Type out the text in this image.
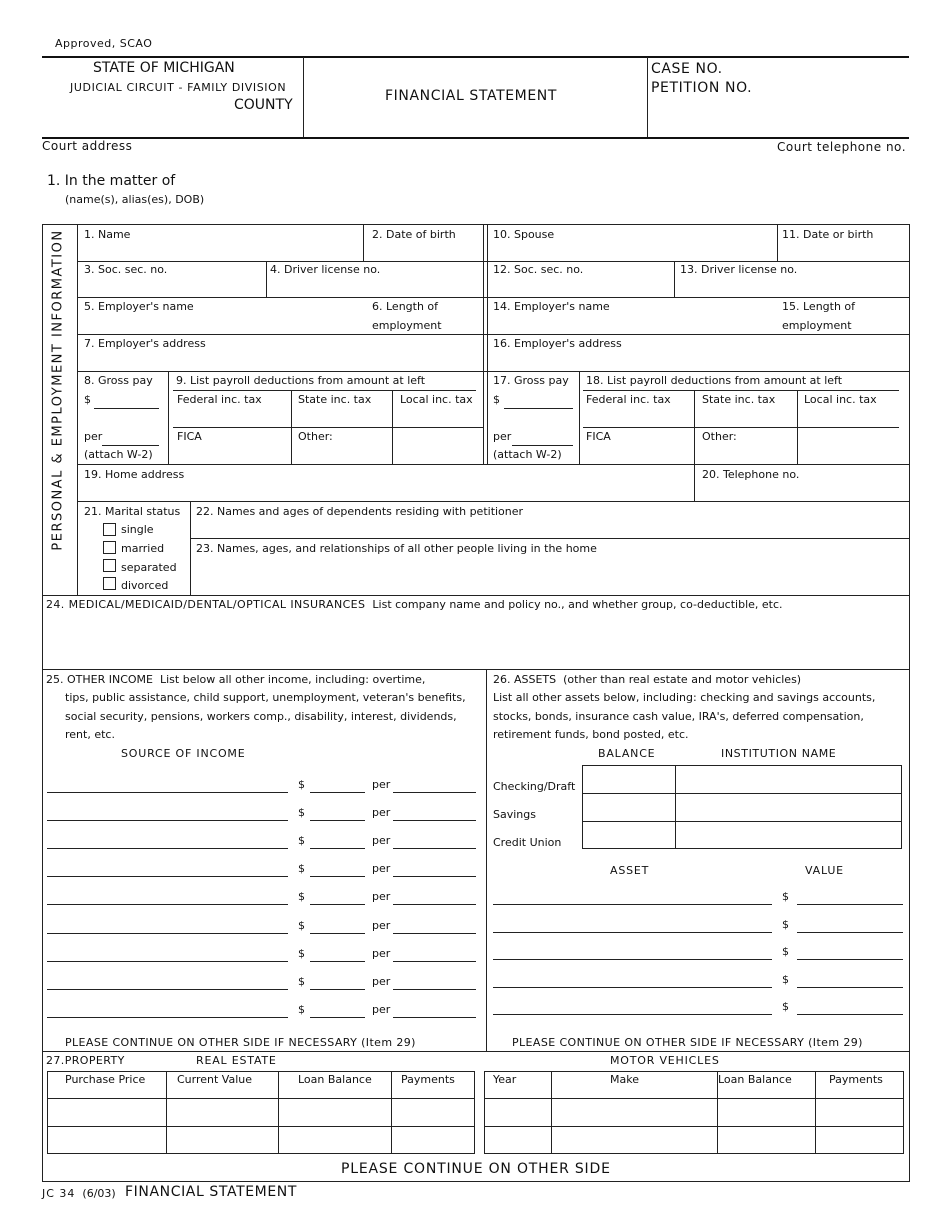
Approved, SCAO
STATE OF MICHIGAN
JUDICIAL CIRCUIT - FAMILY DIVISION
COUNTY
FINANCIAL STATEMENT
CASE NO.
PETITION NO.
Court address	Court telephone no.
1. In the matter of
(name(s), alias(es), DOB)
PERSONAL & EMPLOYMENT INFORMATION 1. Name	2. Date of birth	10. Spouse	11. Date or birth
3. Soc. sec. no.	4. Driver license no.	12. Soc. sec. no.	13. Driver license no.
5. Employer's name	6. Length of
employment
14. Employer's name	15. Length of
employment
7. Employer's address	16. Employer's address
8. Gross pay
$
per
(attach W-2)
9. List payroll deductions from amount at left
Federal inc. tax	State inc. tax	Local inc. tax
FICA	Other:
17. Gross pay
$
per
(attach W-2)
18. List payroll deductions from amount at left
Federal inc. tax	State inc. tax	Local inc. tax
FICA	Other:
19. Home address	20. Telephone no.
21. Marital status
single
married
separated
divorced
22. Names and ages of dependents residing with petitioner
23. Names, ages, and relationships of all other people living in the home
24. MEDICAL/MEDICAID/DENTAL/OPTICAL INSURANCES List company name and policy no., and whether group, co-deductible, etc.
25. OTHER INCOME List below all other income, including: overtime,
tips, public assistance, child support, unemployment, veteran's benefits,
social security, pensions, workers comp., disability, interest, dividends,
rent, etc.
SOURCE OF INCOME
$	per
$	per
$	per
$	per
$	per
$	per
$	per
$	per
$	per
PLEASE CONTINUE ON OTHER SIDE IF NECESSARY (Item 29)
26. ASSETS (other than real estate and motor vehicles)
List all other assets below, including: checking and savings accounts,
stocks, bonds, insurance cash value, IRA's, deferred compensation,
retirement funds, bond posted, etc.
BALANCE	INSTITUTION NAME
Checking/Draft
Savings
Credit Union
ASSET	VALUE
$
$
$
$
$
PLEASE CONTINUE ON OTHER SIDE IF NECESSARY (Item 29)
27.PROPERTY	REAL ESTATE	MOTOR VEHICLES
Purchase Price	Current Value	Loan Balance	Payments	Year	Make	Loan Balance	Payments
PLEASE CONTINUE ON OTHER SIDE
JC 34 (6/03) FINANCIAL STATEMENT
